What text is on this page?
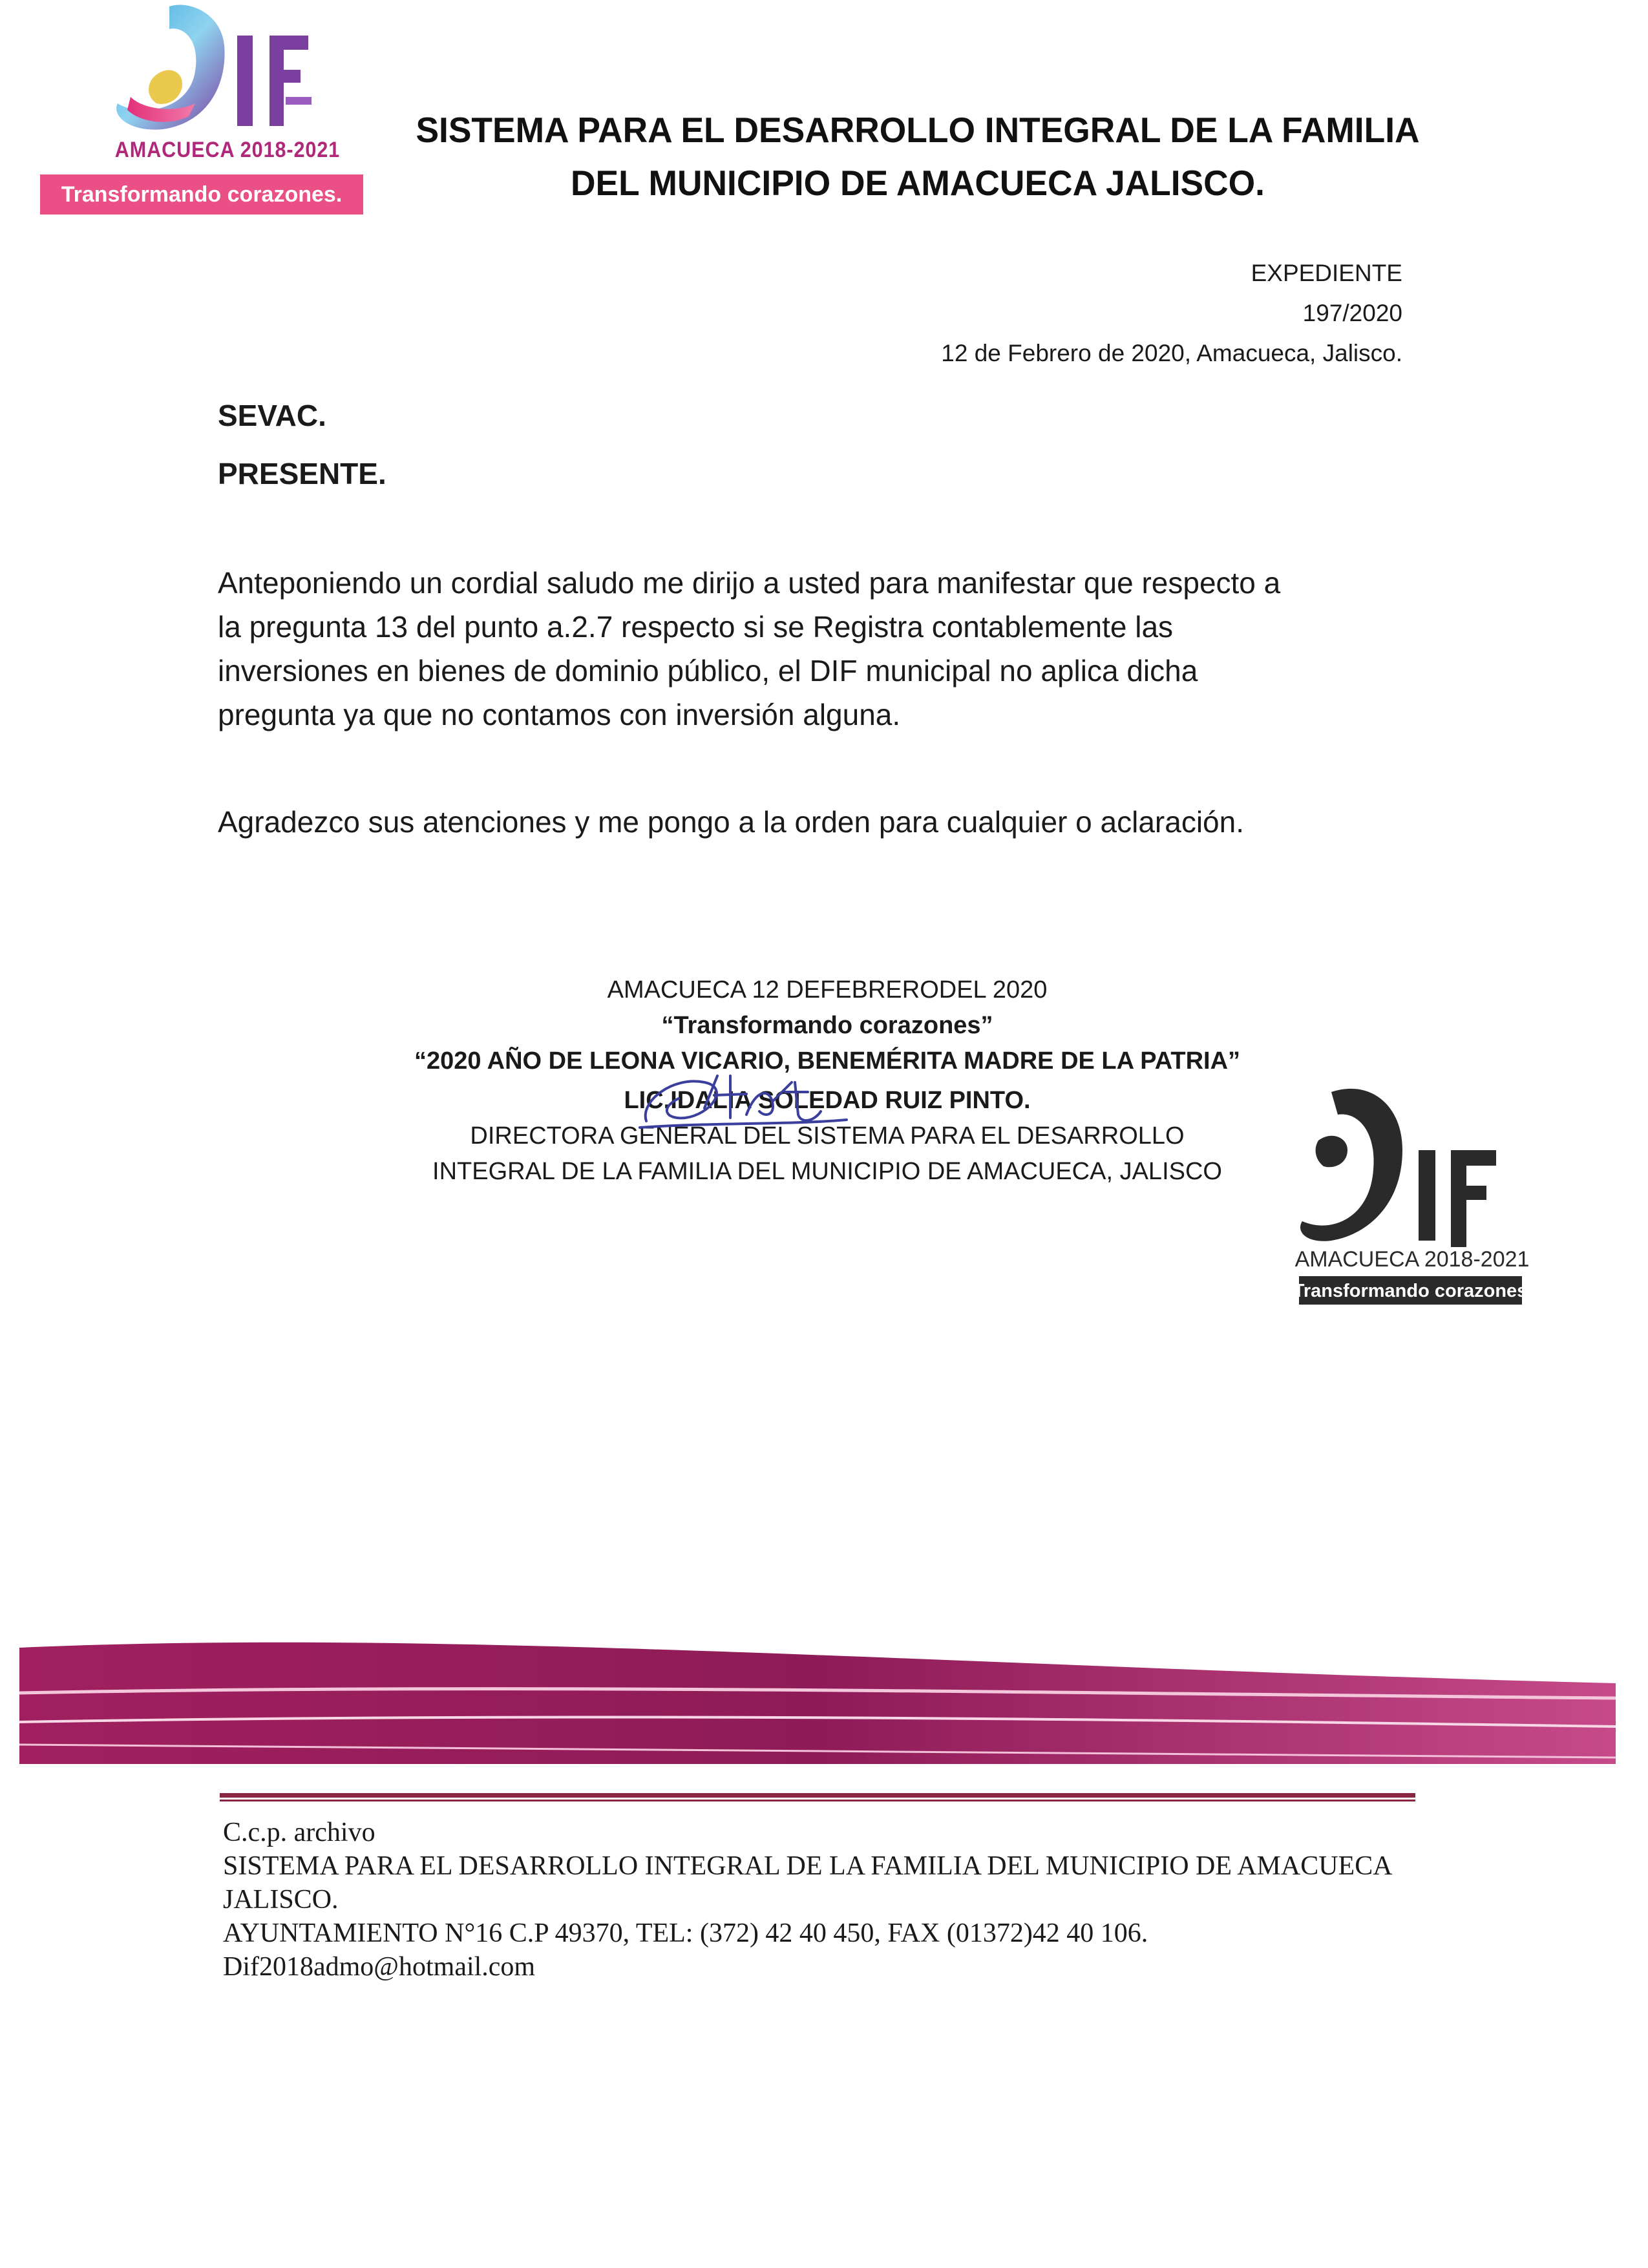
AMACUECA 2018-2021
Transformando corazones.
SISTEMA PARA EL DESARROLLO INTEGRAL DE LA FAMILIA
DEL MUNICIPIO DE AMACUECA JALISCO.
EXPEDIENTE
197/2020
12 de Febrero de 2020, Amacueca, Jalisco.
SEVAC.
PRESENTE.

Anteponiendo un cordial saludo me dirijo a usted para manifestar que respecto a
la pregunta 13 del punto a.2.7 respecto si se Registra contablemente las
inversiones en bienes de dominio público, el DIF municipal no aplica dicha
pregunta ya que no contamos con inversión alguna.

Agradezco sus atenciones y me pongo a la orden para cualquier o aclaración.

AMACUECA 12 DEFEBRERODEL 2020
“Transformando corazones”
“2020 AÑO DE LEONA VICARIO, BENEMÉRITA MADRE DE LA PATRIA”
LIC.IDALIA SOLEDAD RUIZ PINTO.
DIRECTORA GENERAL DEL SISTEMA PARA EL DESARROLLO
INTEGRAL DE LA FAMILIA DEL MUNICIPIO DE AMACUECA, JALISCO
AMACUECA 2018-2021
Transformando corazones
C.c.p. archivo
SISTEMA PARA EL DESARROLLO INTEGRAL DE LA FAMILIA DEL MUNICIPIO DE AMACUECA
JALISCO.
AYUNTAMIENTO N°16 C.P 49370, TEL: (372) 42 40 450, FAX (01372)42 40 106.
Dif2018admo@hotmail.com
